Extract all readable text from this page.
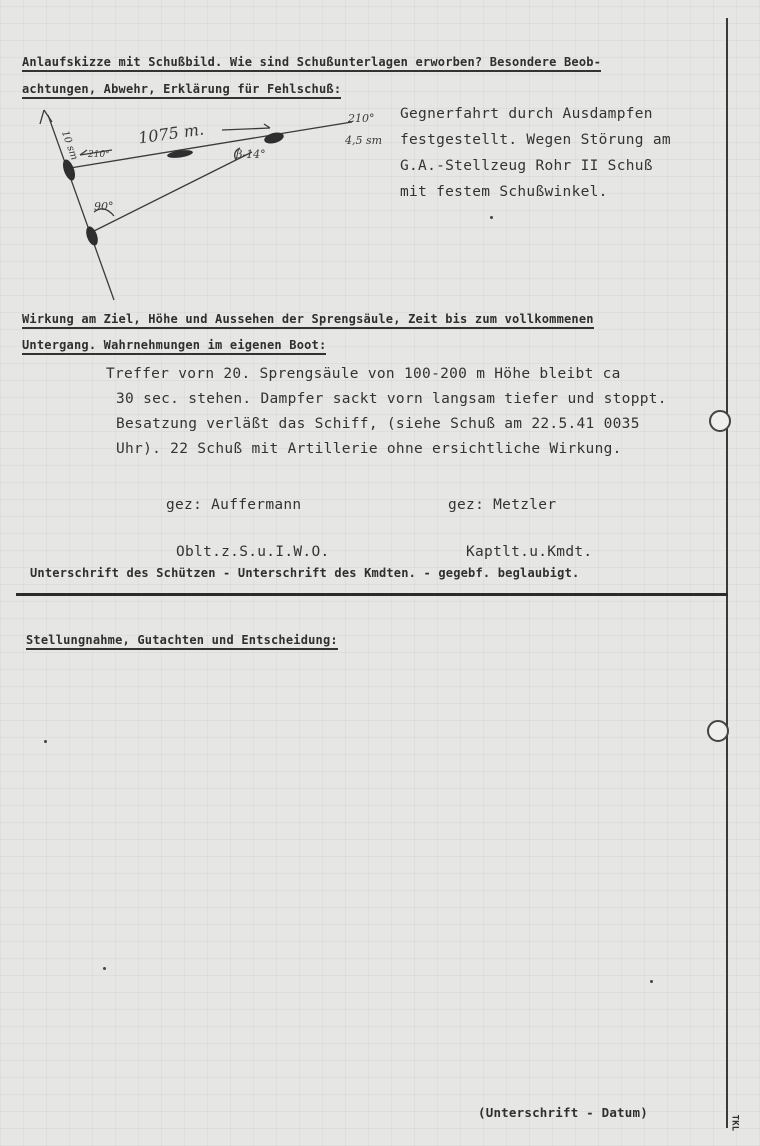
Anlaufskizze mit Schußbild. Wie sind Schußunterlagen erworben? Besondere Beob-
achtungen, Abwehr, Erklärung für Fehlschuß:
1075 m.
210°
210°
4,5 sm
10 sm	β-14°
90°
Gegnerfahrt durch Ausdampfen
festgestellt. Wegen Störung am
G.A.-Stellzeug Rohr II Schuß
mit festem Schußwinkel.
Wirkung am Ziel, Höhe und Aussehen der Sprengsäule, Zeit bis zum vollkommenen
Untergang. Wahrnehmungen im eigenen Boot:
Treffer vorn 20. Sprengsäule von 100-200 m Höhe bleibt ca
30 sec. stehen. Dampfer sackt vorn langsam tiefer und stoppt.
Besatzung verläßt das Schiff, (siehe Schuß am 22.5.41 0035
Uhr). 22 Schuß mit Artillerie ohne ersichtliche Wirkung.
gez: Auffermann	gez: Metzler
Oblt.z.S.u.I.W.O.	Kaptlt.u.Kmdt.
Unterschrift des Schützen - Unterschrift des Kmdten. - gegebf. beglaubigt.
Stellungnahme, Gutachten und Entscheidung:
(Unterschrift - Datum)
TKL
